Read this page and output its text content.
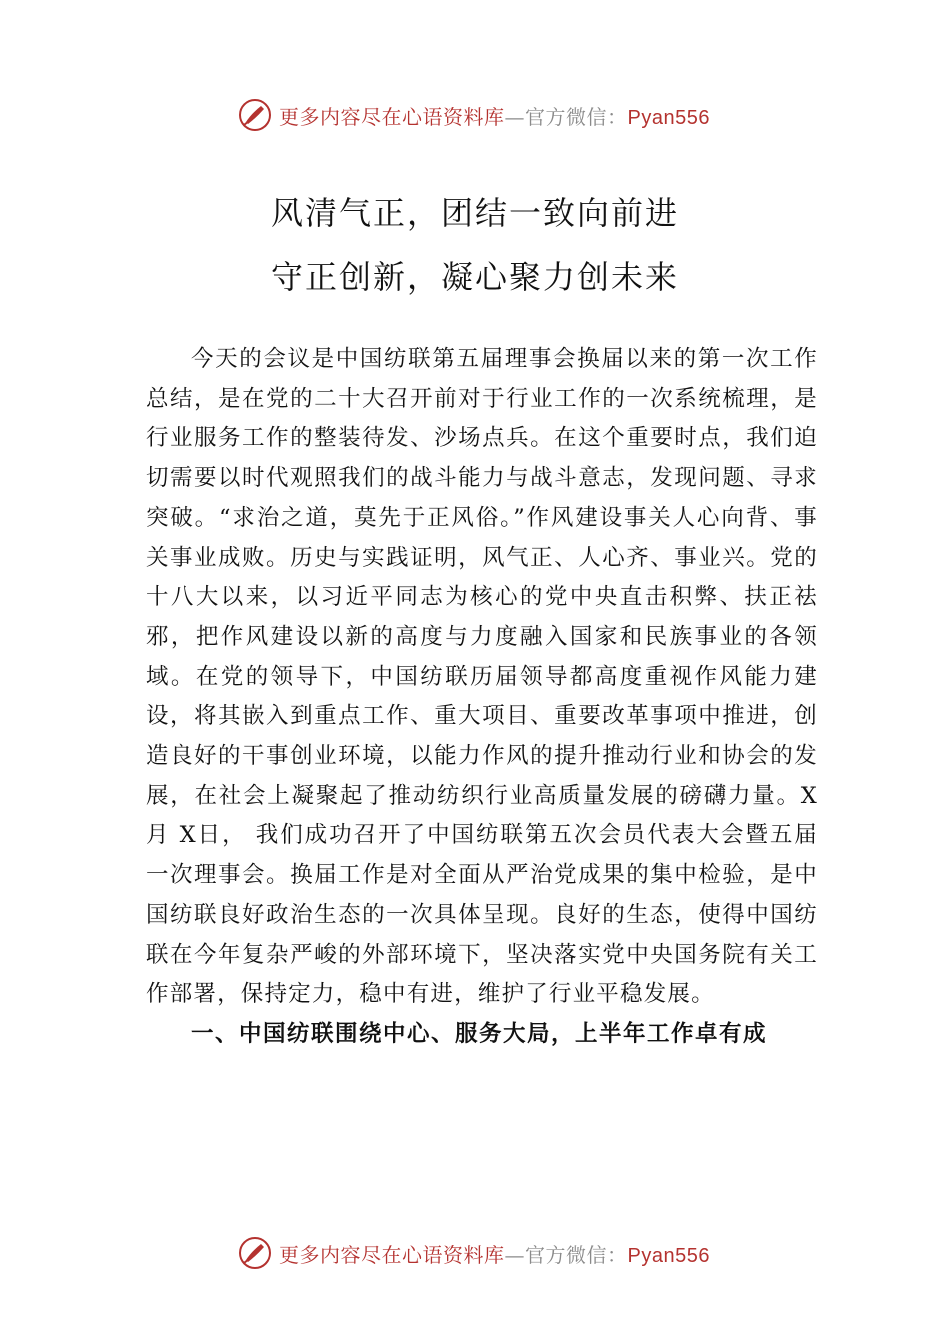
更多内容尽在心语资料库—官方微信：Pyan556
风清气正，团结一致向前进
守正创新，凝心聚力创未来

今天的会议是中国纺联第五届理事会换届以来的第一次工作总结，是在党的二十大召开前对于行业工作的一次系统梳理，是行业服务工作的整装待发、沙场点兵。在这个重要时点，我们迫切需要以时代观照我们的战斗能力与战斗意志，发现问题、寻求突破。“求治之道，莫先于正风俗。”作风建设事关人心向背、事关事业成败。历史与实践证明，风气正、人心齐、事业兴。党的十八大以来，以习近平同志为核心的党中央直击积弊、扶正祛邪，把作风建设以新的高度与力度融入国家和民族事业的各领域。在党的领导下，中国纺联历届领导都高度重视作风能力建设，将其嵌入到重点工作、重大项目、重要改革事项中推进，创造良好的干事创业环境，以能力作风的提升推动行业和协会的发展，在社会上凝聚起了推动纺织行业高质量发展的磅礴力量。X月 X日， 我们成功召开了中国纺联第五次会员代表大会暨五届一次理事会。换届工作是对全面从严治党成果的集中检验，是中国纺联良好政治生态的一次具体呈现。良好的生态，使得中国纺联在今年复杂严峻的外部环境下，坚决落实党中央国务院有关工作部署，保持定力，稳中有进，维护了行业平稳发展。

一、中国纺联围绕中心、服务大局，上半年工作卓有成

更多内容尽在心语资料库—官方微信：Pyan556
